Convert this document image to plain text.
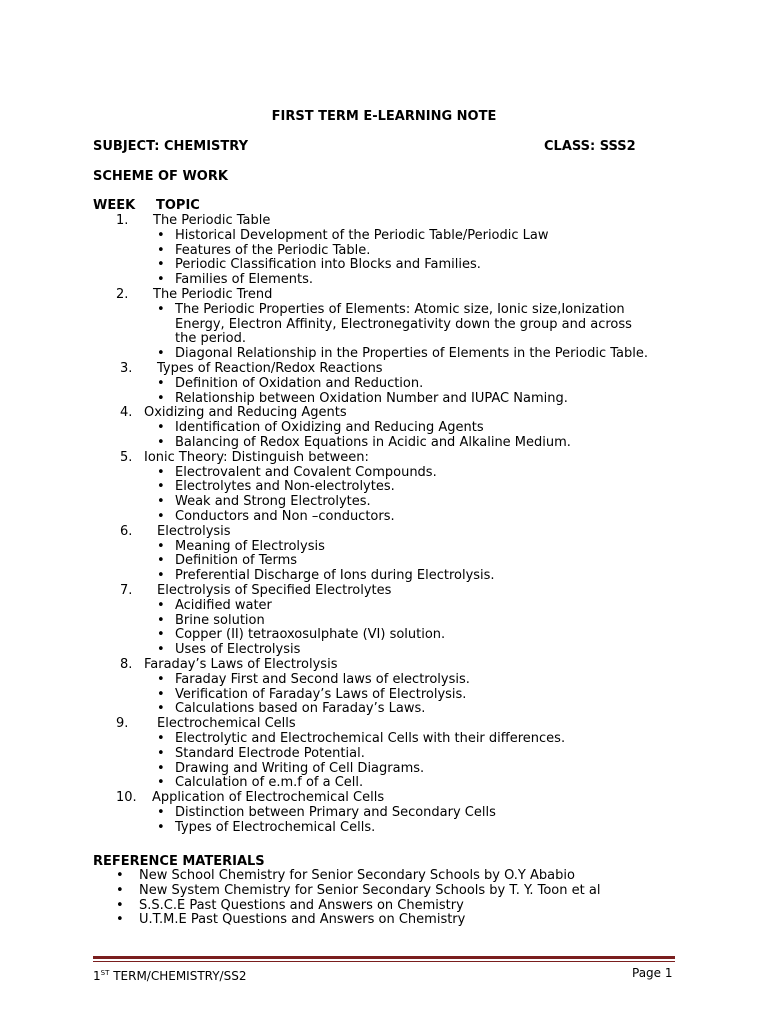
FIRST TERM E-LEARNING NOTE
SUBJECT: CHEMISTRY	CLASS: SSS2
SCHEME OF WORK
WEEK TOPIC
1. The Periodic Table
• Historical Development of the Periodic Table/Periodic Law
• Features of the Periodic Table.
• Periodic Classification into Blocks and Families.
• Families of Elements.
2. The Periodic Trend
• The Periodic Properties of Elements: Atomic size, Ionic size,Ionization
Energy, Electron Affinity, Electronegativity down the group and across
the period.
• Diagonal Relationship in the Properties of Elements in the Periodic Table.
3. Types of Reaction/Redox Reactions
• Definition of Oxidation and Reduction.
• Relationship between Oxidation Number and IUPAC Naming.
4. Oxidizing and Reducing Agents
• Identification of Oxidizing and Reducing Agents
• Balancing of Redox Equations in Acidic and Alkaline Medium.
5. Ionic Theory: Distinguish between:
• Electrovalent and Covalent Compounds.
• Electrolytes and Non-electrolytes.
• Weak and Strong Electrolytes.
• Conductors and Non –conductors.
6. Electrolysis
• Meaning of Electrolysis
• Definition of Terms
• Preferential Discharge of Ions during Electrolysis.
7. Electrolysis of Specified Electrolytes
• Acidified water
• Brine solution
• Copper (II) tetraoxosulphate (VI) solution.
• Uses of Electrolysis
8. Faraday’s Laws of Electrolysis
• Faraday First and Second laws of electrolysis.
• Verification of Faraday’s Laws of Electrolysis.
• Calculations based on Faraday’s Laws.
9. Electrochemical Cells
• Electrolytic and Electrochemical Cells with their differences.
• Standard Electrode Potential.
• Drawing and Writing of Cell Diagrams.
• Calculation of e.m.f of a Cell.
10. Application of Electrochemical Cells
• Distinction between Primary and Secondary Cells
• Types of Electrochemical Cells.
REFERENCE MATERIALS
• New School Chemistry for Senior Secondary Schools by O.Y Ababio
• New System Chemistry for Senior Secondary Schools by T. Y. Toon et al
• S.S.C.E Past Questions and Answers on Chemistry
• U.T.M.E Past Questions and Answers on Chemistry
1ST TERM/CHEMISTRY/SS2	Page 1
